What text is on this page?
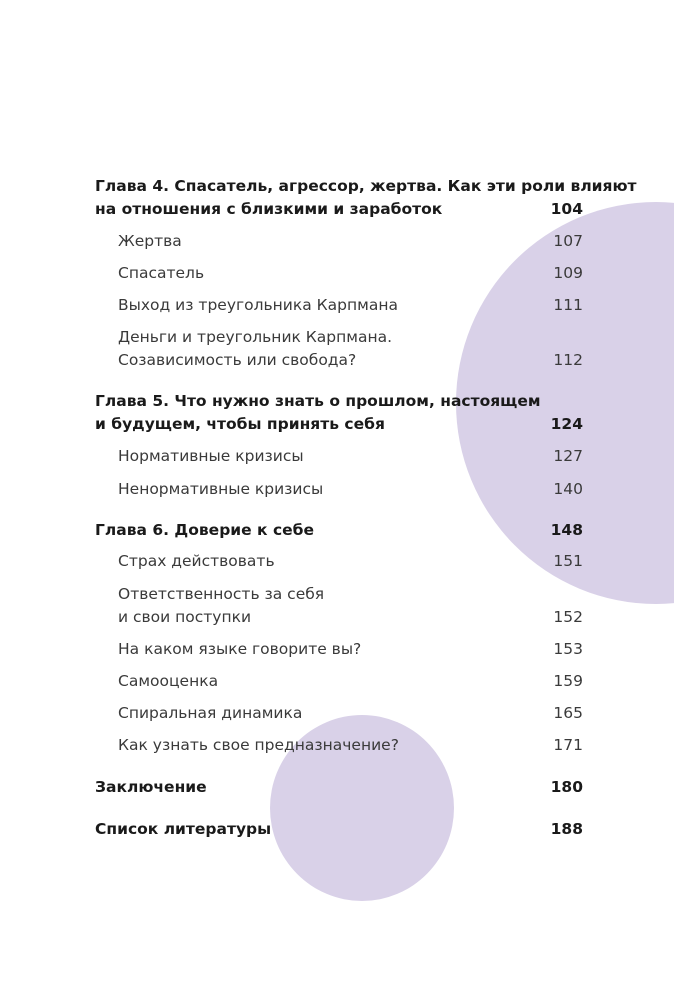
Глава 4. Спасатель, агрессор, жертва. Как эти роли влияют
на отношения с близкими и заработок	104
Жертва	107
Спасатель	109
Выход из треугольника Карпмана	111
Деньги и треугольник Карпмана.
Созависимость или свобода?	112
Глава 5. Что нужно знать о прошлом, настоящем
и будущем, чтобы принять себя	124
Нормативные кризисы	127
Ненормативные кризисы	140
Глава 6. Доверие к себе	148
Страх действовать	151
Ответственность за себя
и свои поступки	152
На каком языке говорите вы?	153
Самооценка	159
Спиральная динамика	165
Как узнать свое предназначение?	171
Заключение	180
Список литературы	188
